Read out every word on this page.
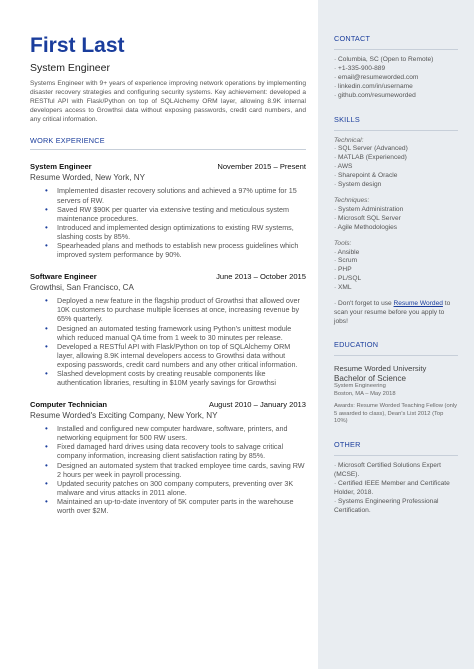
First Last
System Engineer

Systems Engineer with 9+ years of experience improving network operations by implementing disaster recovery strategies and configuring security systems. Key achievement: developed a RESTful API with Flask/Python on top of SQLAlchemy ORM layer, allowing 8.9K internal developers access to Growthsi data without exposing passwords, credit card numbers, and any critical information.

WORK EXPERIENCE
System Engineer	November 2015 – Present
Resume Worded, New York, NY
• Implemented disaster recovery solutions and achieved a 97% uptime for 15 servers of RW.
• Saved RW $90K per quarter via extensive testing and meticulous system maintenance procedures.
• Introduced and implemented design optimizations to existing RW systems, slashing costs by 85%.
• Spearheaded plans and methods to establish new process guidelines which improved system performance by 90%.
Software Engineer	June 2013 – October 2015
Growthsi, San Francisco, CA
• Deployed a new feature in the flagship product of Growthsi that allowed over 10K customers to purchase multiple licenses at once, increasing revenue by 65% quarterly.
• Designed an automated testing framework using Python's unittest module which reduced manual QA time from 1 week to 30 minutes per release.
• Developed a RESTful API with Flask/Python on top of SQLAlchemy ORM layer, allowing 8.9K internal developers access to Growthsi data without exposing passwords, credit card numbers and any other critical information.
• Slashed development costs by creating reusable components like authentication libraries, resulting in $10M yearly savings for Growthsi
Computer Technician	August 2010 – January 2013
Resume Worded's Exciting Company, New York, NY
• Installed and configured new computer hardware, software, printers, and networking equipment for 500 RW users.
• Fixed damaged hard drives using data recovery tools to salvage critical company information, increasing client satisfaction rating by 85%.
• Designed an automated system that tracked employee time cards, saving RW 2 hours per week in payroll processing.
• Updated security patches on 300 company computers, preventing over 3K malware and virus attacks in 2011 alone.
• Maintained an up-to-date inventory of 5K computer parts in the warehouse worth over $2M.
CONTACT
· Columbia, SC (Open to Remote)
· +1-335-900-889
· email@resumeworded.com
· linkedin.com/in/username
· github.com/resumeworded
SKILLS
Technical:
· SQL Server (Advanced)
· MATLAB (Experienced)
· AWS
· Sharepoint & Oracle
· System design
Techniques:
· System Administration
· Microsoft SQL Server
· Agile Methodologies
Tools:
· Ansible
· Scrum
· PHP
· PL/SQL
· XML

· Don't forget to use Resume Worded to scan your resume before you apply to jobs!

EDUCATION
Resume Worded University
Bachelor of Science
System Engineering
Boston, MA – May 2018
Awards: Resume Worded Teaching Fellow (only 5 awarded to class), Dean's List 2012 (Top 10%)
OTHER
· Microsoft Certified Solutions Expert (MCSE).
· Certified IEEE Member and Certificate Holder, 2018.
· Systems Engineering Professional Certification.
